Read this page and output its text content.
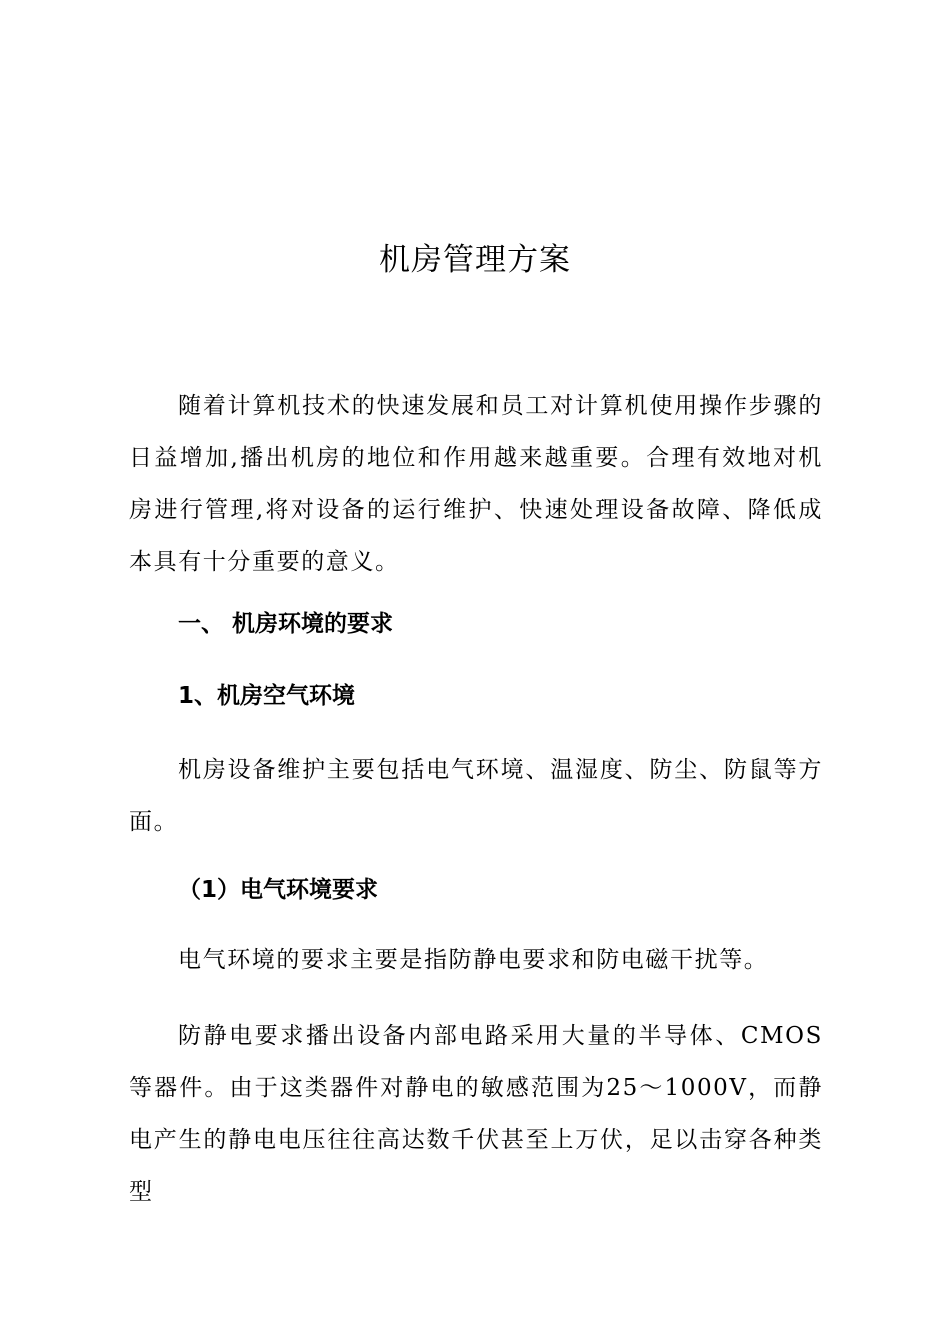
机房管理方案
随着计算机技术的快速发展和员工对计算机使用操作步骤的日益增加,播出机房的地位和作用越来越重要。合理有效地对机房进行管理,将对设备的运行维护、快速处理设备故障、降低成本具有十分重要的意义。
一、 机房环境的要求
1、机房空气环境
机房设备维护主要包括电气环境、温湿度、防尘、防鼠等方面。
（1）电气环境要求
电气环境的要求主要是指防静电要求和防电磁干扰等。
防静电要求播出设备内部电路采用大量的半导体、CMOS等器件。由于这类器件对静电的敏感范围为25～1000V，而静电产生的静电电压往往高达数千伏甚至上万伏，足以击穿各种类型
